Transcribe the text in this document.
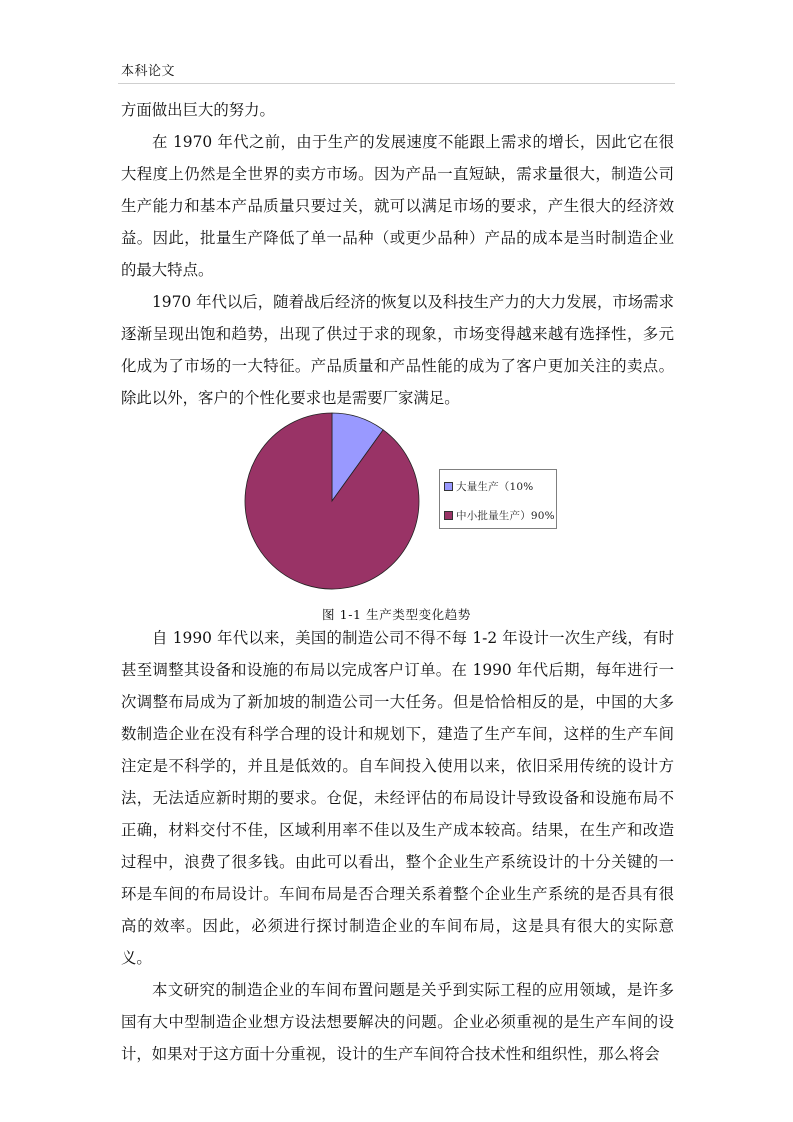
本科论文

方面做出巨大的努力。

在 1970 年代之前，由于生产的发展速度不能跟上需求的增长，因此它在很大程度上仍然是全世界的卖方市场。因为产品一直短缺，需求量很大，制造公司生产能力和基本产品质量只要过关，就可以满足市场的要求，产生很大的经济效益。因此，批量生产降低了单一品种（或更少品种）产品的成本是当时制造企业的最大特点。

1970 年代以后，随着战后经济的恢复以及科技生产力的大力发展，市场需求逐渐呈现出饱和趋势，出现了供过于求的现象，市场变得越来越有选择性，多元化成为了市场的一大特征。产品质量和产品性能的成为了客户更加关注的卖点。除此以外，客户的个性化要求也是需要厂家满足。

大量生产（10%
中小批量生产）90%
图 1-1 生产类型变化趋势

自 1990 年代以来，美国的制造公司不得不每 1-2 年设计一次生产线，有时甚至调整其设备和设施的布局以完成客户订单。在 1990 年代后期，每年进行一次调整布局成为了新加坡的制造公司一大任务。但是恰恰相反的是，中国的大多数制造企业在没有科学合理的设计和规划下，建造了生产车间，这样的生产车间注定是不科学的，并且是低效的。自车间投入使用以来，依旧采用传统的设计方法，无法适应新时期的要求。仓促，未经评估的布局设计导致设备和设施布局不正确，材料交付不佳，区域利用率不佳以及生产成本较高。结果，在生产和改造过程中，浪费了很多钱。由此可以看出，整个企业生产系统设计的十分关键的一环是车间的布局设计。车间布局是否合理关系着整个企业生产系统的是否具有很高的效率。因此，必须进行探讨制造企业的车间布局，这是具有很大的实际意义。

本文研究的制造企业的车间布置问题是关乎到实际工程的应用领域，是许多国有大中型制造企业想方设法想要解决的问题。企业必须重视的是生产车间的设计，如果对于这方面十分重视，设计的生产车间符合技术性和组织性，那么将会
